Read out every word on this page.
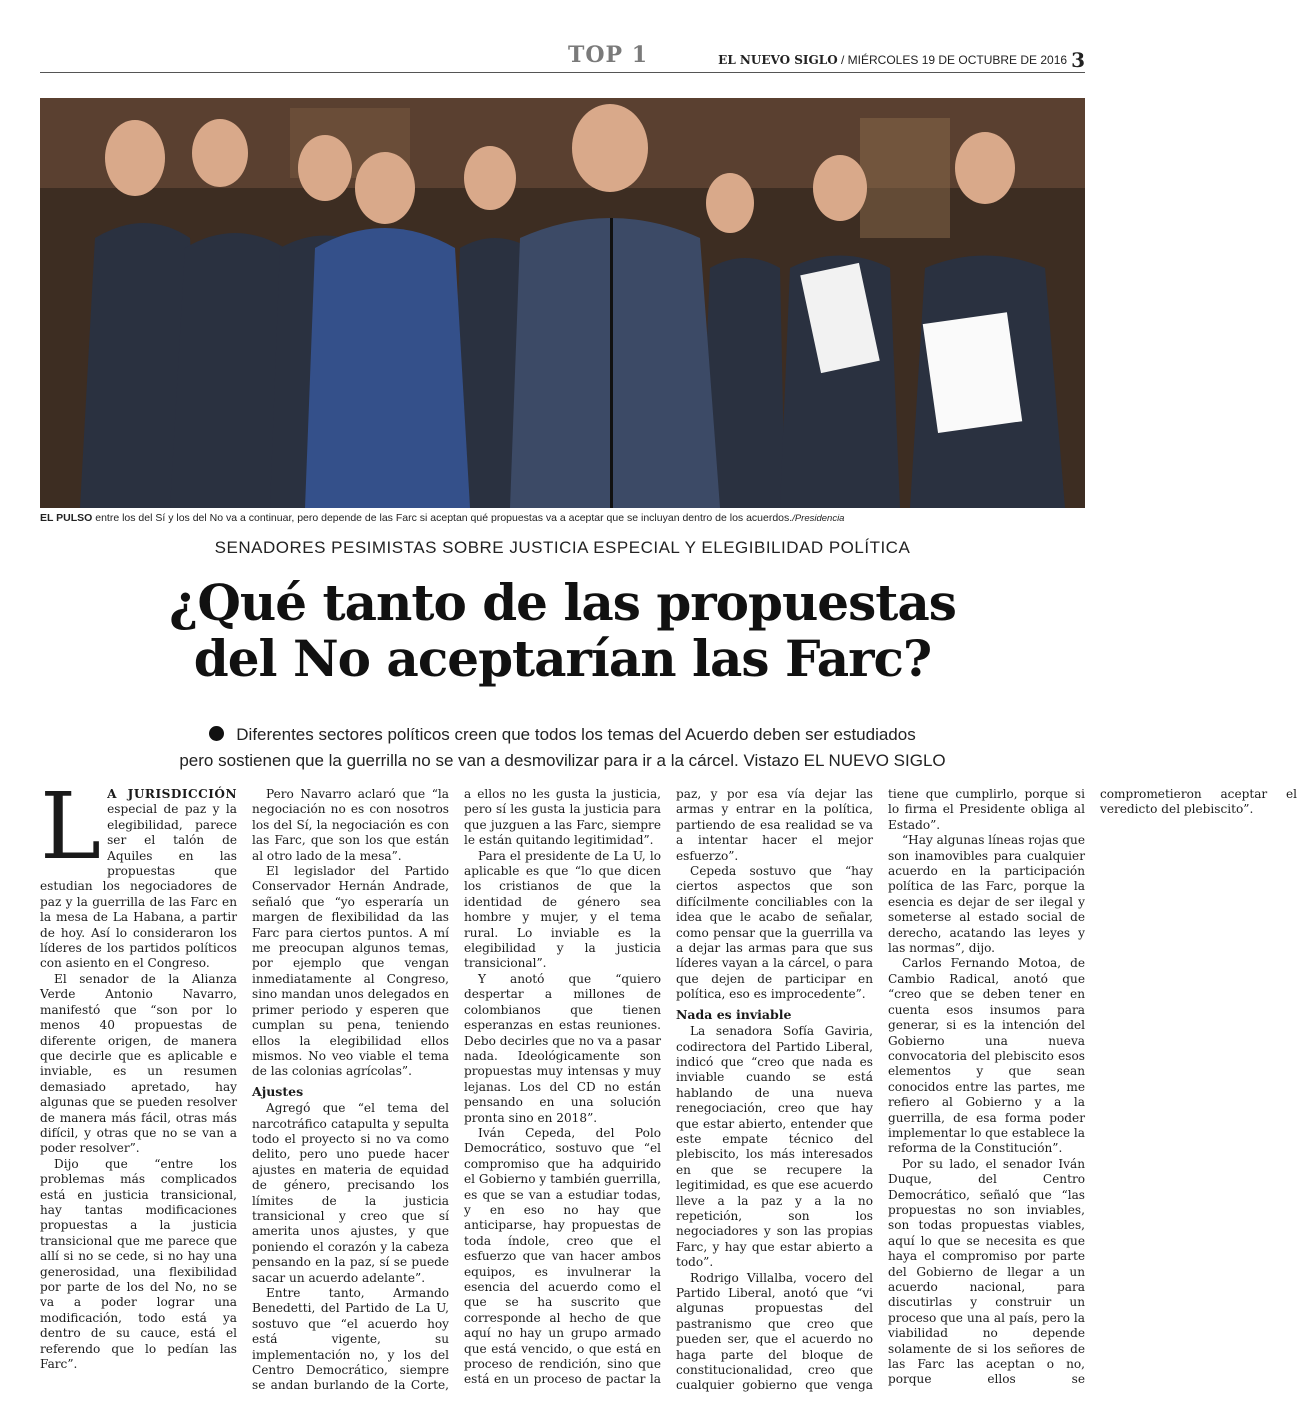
TOP 1	EL NUEVO SIGLO / MIÉRCOLES 19 DE OCTUBRE DE 2016 3
EL PULSO entre los del Sí y los del No va a continuar, pero depende de las Farc si aceptan qué propuestas va a aceptar que se incluyan dentro de los acuerdos./Presidencia
SENADORES PESIMISTAS SOBRE JUSTICIA ESPECIAL Y ELEGIBILIDAD POLÍTICA
¿Qué tanto de las propuestas
del No aceptarían las Farc?
Diferentes sectores políticos creen que todos los temas del Acuerdo deben ser estudiados
pero sostienen que la guerrilla no se van a desmovilizar para ir a la cárcel. Vistazo EL NUEVO SIGLO

L A JURISDICCIÓN especial de paz y la elegibilidad, parece ser el talón de Aquiles en las propuestas que estudian los negociadores de paz y la guerrilla de las Farc en la mesa de La Habana, a partir de hoy. Así lo consideraron los líderes de los partidos políticos con asiento en el Congreso.

El senador de la Alianza Verde Antonio Navarro, manifestó que “son por lo menos 40 propuestas de diferente origen, de manera que decirle que es aplicable e inviable, es un resumen demasiado apretado, hay algunas que se pueden resolver de manera más fácil, otras más difícil, y otras que no se van a poder resolver”.

Dijo que “entre los problemas más complicados está en justicia transicional, hay tantas modificaciones propuestas a la justicia transicional que me parece que allí si no se cede, si no hay una generosidad, una flexibilidad por parte de los del No, no se va a poder lograr una modificación, todo está ya dentro de su cauce, está el referendo que lo pedían las Farc”.

Pero Navarro aclaró que “la negociación no es con nosotros los del Sí, la negociación es con las Farc, que son los que están al otro lado de la mesa”.

El legislador del Partido Conservador Hernán Andrade, señaló que “yo esperaría un margen de flexibilidad da las Farc para ciertos puntos. A mí me preocupan algunos temas, por ejemplo que vengan inmediatamente al Congreso, sino mandan unos delegados en primer periodo y esperen que cumplan su pena, teniendo ellos la elegibilidad ellos mismos. No veo viable el tema de las colonias agrícolas”.

Ajustes

Agregó que “el tema del narcotráfico catapulta y sepulta todo el proyecto si no va como delito, pero uno puede hacer ajustes en materia de equidad de género, precisando los límites de la justicia transicional y creo que sí amerita unos ajustes, y que poniendo el corazón y la cabeza pensando en la paz, sí se puede sacar un acuerdo adelante”.

Entre tanto, Armando Benedetti, del Partido de La U, sostuvo que “el acuerdo hoy está vigente, su implementación no, y los del Centro Democrático, siempre se andan burlando de la Corte, a ellos no les gusta la justicia, pero sí les gusta la justicia para que juzguen a las Farc, siempre le están quitando legitimidad”.

Para el presidente de La U, lo aplicable es que “lo que dicen los cristianos de que la identidad de género sea hombre y mujer, y el tema rural. Lo inviable es la elegibilidad y la justicia transicional”.

Y anotó que “quiero despertar a millones de colombianos que tienen esperanzas en estas reuniones. Debo decirles que no va a pasar nada. Ideológicamente son propuestas muy intensas y muy lejanas. Los del CD no están pensando en una solución pronta sino en 2018”.

Iván Cepeda, del Polo Democrático, sostuvo que “el compromiso que ha adquirido el Gobierno y también guerrilla, es que se van a estudiar todas, y en eso no hay que anticiparse, hay propuestas de toda índole, creo que el esfuerzo que van hacer ambos equipos, es invulnerar la esencia del acuerdo como el que se ha suscrito que corresponde al hecho de que aquí no hay un grupo armado que está vencido, o que está en proceso de rendición, sino que está en un proceso de pactar la paz, y por esa vía dejar las armas y entrar en la política, partiendo de esa realidad se va a intentar hacer el mejor esfuerzo”.

Cepeda sostuvo que “hay ciertos aspectos que son difícilmente conciliables con la idea que le acabo de señalar, como pensar que la guerrilla va a dejar las armas para que sus líderes vayan a la cárcel, o para que dejen de participar en política, eso es improcedente”.

Nada es inviable

La senadora Sofía Gaviria, codirectora del Partido Liberal, indicó que “creo que nada es inviable cuando se está hablando de una nueva renegociación, creo que hay que estar abierto, entender que este empate técnico del plebiscito, los más interesados en que se recupere la legitimidad, es que ese acuerdo lleve a la paz y a la no repetición, son los negociadores y son las propias Farc, y hay que estar abierto a todo”.

Rodrigo Villalba, vocero del Partido Liberal, anotó que “vi algunas propuestas del pastranismo que creo que pueden ser, que el acuerdo no haga parte del bloque de constitucionalidad, creo que cualquier gobierno que venga tiene que cumplirlo, porque si lo firma el Presidente obliga al Estado”.

“Hay algunas líneas rojas que son inamovibles para cualquier acuerdo en la participación política de las Farc, porque la esencia es dejar de ser ilegal y someterse al estado social de derecho, acatando las leyes y las normas”, dijo.

Carlos Fernando Motoa, de Cambio Radical, anotó que “creo que se deben tener en cuenta esos insumos para generar, si es la intención del Gobierno una nueva convocatoria del plebiscito esos elementos y que sean conocidos entre las partes, me refiero al Gobierno y a la guerrilla, de esa forma poder implementar lo que establece la reforma de la Constitución”.

Por su lado, el senador Iván Duque, del Centro Democrático, señaló que “las propuestas no son inviables, son todas propuestas viables, aquí lo que se necesita es que haya el compromiso por parte del Gobierno de llegar a un acuerdo nacional, para discutirlas y construir un proceso que una al país, pero la viabilidad no depende solamente de si los señores de las Farc las aceptan o no, porque ellos se comprometieron aceptar el veredicto del plebiscito”.
